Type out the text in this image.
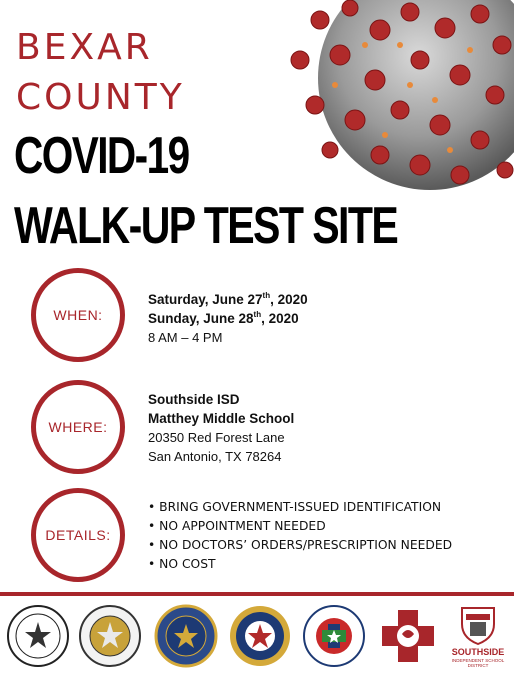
BEXAR
COUNTY
COVID-19
WALK-UP TEST SITE
WHEN:
Saturday, June 27th, 2020
Sunday, June 28th, 2020
8 AM – 4 PM
WHERE:
Southside ISD
Matthey Middle School
20350 Red Forest Lane
San Antonio, TX 78264
DETAILS:
• BRING GOVERNMENT-ISSUED IDENTIFICATION
• NO APPOINTMENT NEEDED
• NO DOCTORS’ ORDERS/PRESCRIPTION NEEDED
• NO COST
SOUTHSIDE
INDEPENDENT SCHOOL DISTRICT
